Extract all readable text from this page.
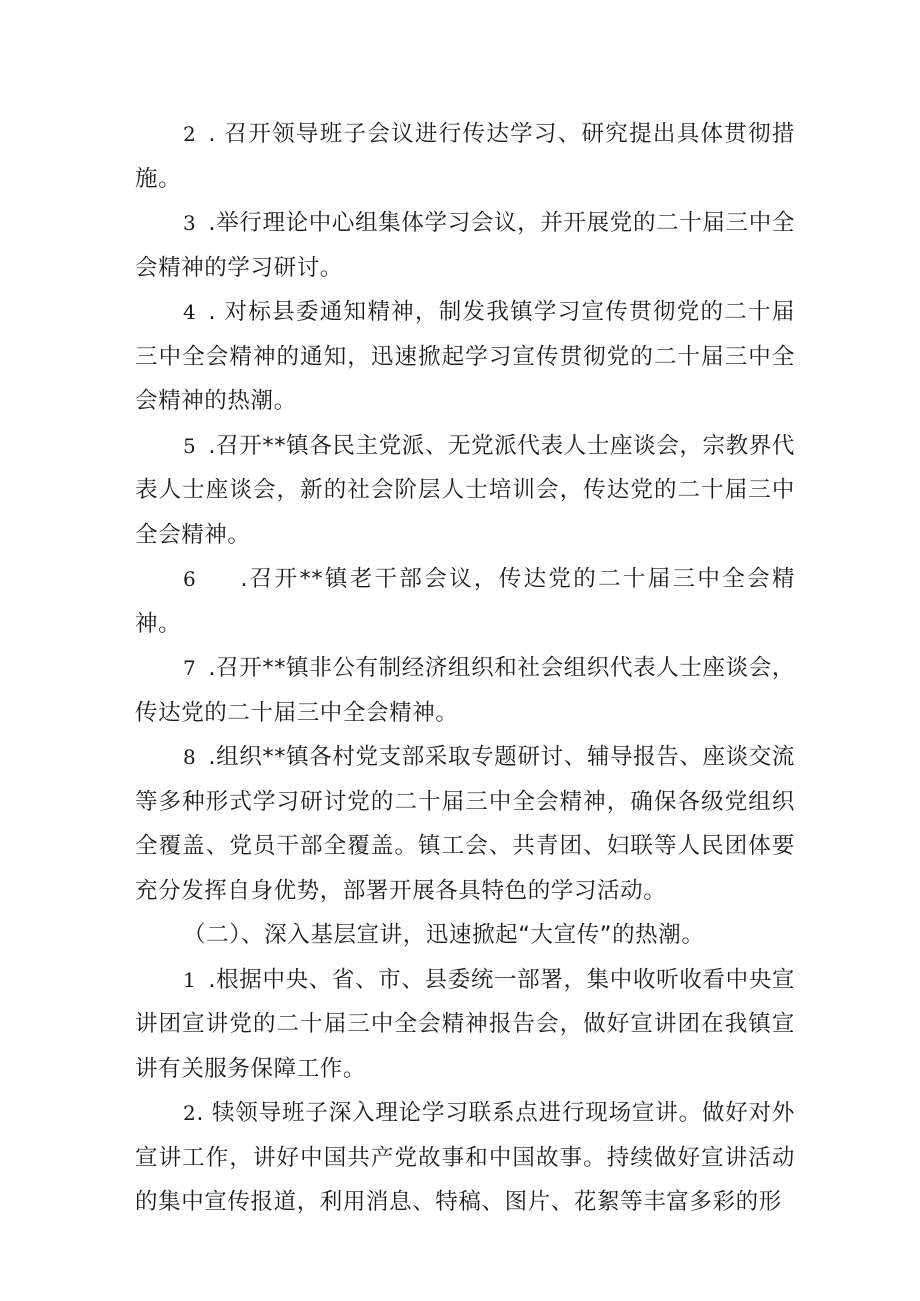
2 . 召开领导班子会议进行传达学习、研究提出具体贯彻措施。

3 .举行理论中心组集体学习会议，并开展党的二十届三中全会精神的学习研讨。

4 . 对标县委通知精神，制发我镇学习宣传贯彻党的二十届三中全会精神的通知，迅速掀起学习宣传贯彻党的二十届三中全会精神的热潮。

5 .召开**镇各民主党派、无党派代表人士座谈会，宗教界代表人士座谈会，新的社会阶层人士培训会，传达党的二十届三中全会精神。

6 .召开**镇老干部会议，传达党的二十届三中全会精神。

7 .召开**镇非公有制经济组织和社会组织代表人士座谈会，传达党的二十届三中全会精神。

8 .组织**镇各村党支部采取专题研讨、辅导报告、座谈交流等多种形式学习研讨党的二十届三中全会精神，确保各级党组织全覆盖、党员干部全覆盖。镇工会、共青团、妇联等人民团体要充分发挥自身优势，部署开展各具特色的学习活动。

（二）、深入基层宣讲，迅速掀起“大宣传”的热潮。

1 .根据中央、省、市、县委统一部署，集中收听收看中央宣讲团宣讲党的二十届三中全会精神报告会，做好宣讲团在我镇宣讲有关服务保障工作。

2. 犊领导班子深入理论学习联系点进行现场宣讲。做好对外宣讲工作，讲好中国共产党故事和中国故事。持续做好宣讲活动的集中宣传报道，利用消息、特稿、图片、花絮等丰富多彩的形
